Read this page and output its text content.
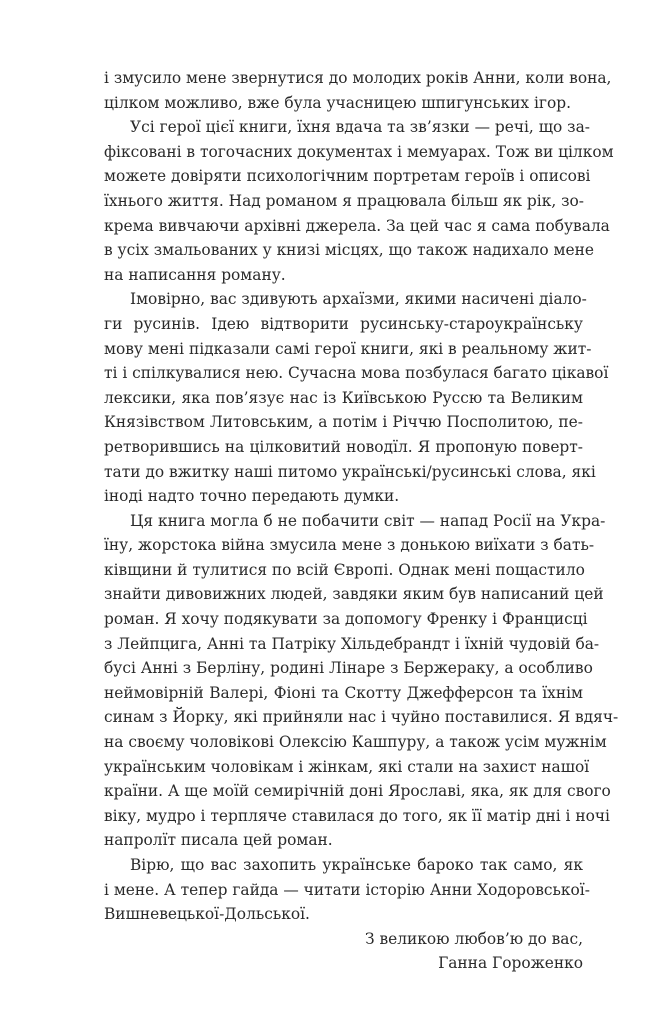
і змусило мене звернутися до молодих років Анни, коли вона,
цілком можливо, вже була учасницею шпигунських ігор.
Усі герої цієї книги, їхня вдача та зв’язки — речі, що за-
фіксовані в тогочасних документах і мемуарах. Тож ви цілком
можете довіряти психологічним портретам героїв і описові
їхнього життя. Над романом я працювала більш як рік, зо-
крема вивчаючи архівні джерела. За цей час я сама побувала
в усіх змальованих у книзі місцях, що також надихало мене
на написання роману.
Імовірно, вас здивують архаїзми, якими насичені діало-
ги русинів. Ідею відтворити русинську-староукраїнську
мову мені підказали самі герої книги, які в реальному жит-
ті і спілкувалися нею. Сучасна мова позбулася багато цікавої
лексики, яка пов’язує нас із Київською Руссю та Великим
Князівством Литовським, а потім і Річчю Посполитою, пе-
ретворившись на цілковитий новодїл. Я пропоную поверт-
тати до вжитку наші питомо українські/русинські слова, які
іноді надто точно передають думки.
Ця книга могла б не побачити світ — напад Росії на Укра-
їну, жорстока війна змусила мене з донькою виїхати з бать-
ківщини й тулитися по всій Європі. Однак мені пощастило
знайти дивовижних людей, завдяки яким був написаний цей
роман. Я хочу подякувати за допомогу Френку і Францисці
з Лейпцига, Анні та Патріку Хільдебрандт і їхній чудовій ба-
бусі Анні з Берліну, родині Лінаре з Бержераку, а особливо
неймовірній Валері, Фіоні та Скотту Джефферсон та їхнім
синам з Йорку, які прийняли нас і чуйно поставилися. Я вдяч-
на своєму чоловікові Олексію Кашпуру, а також усім мужнім
українським чоловікам і жінкам, які стали на захист нашої
країни. А ще моїй семирічній доні Ярославі, яка, як для свого
віку, мудро і терпляче ставилася до того, як її матір дні і ночі
напролїт писала цей роман.
Вірю, що вас захопить українське бароко так само, як
і мене. А тепер гайда — читати історію Анни Ходоровської-
Вишневецької-Дольської.
З великою любов’ю до вас,
Ганна Гороженко
